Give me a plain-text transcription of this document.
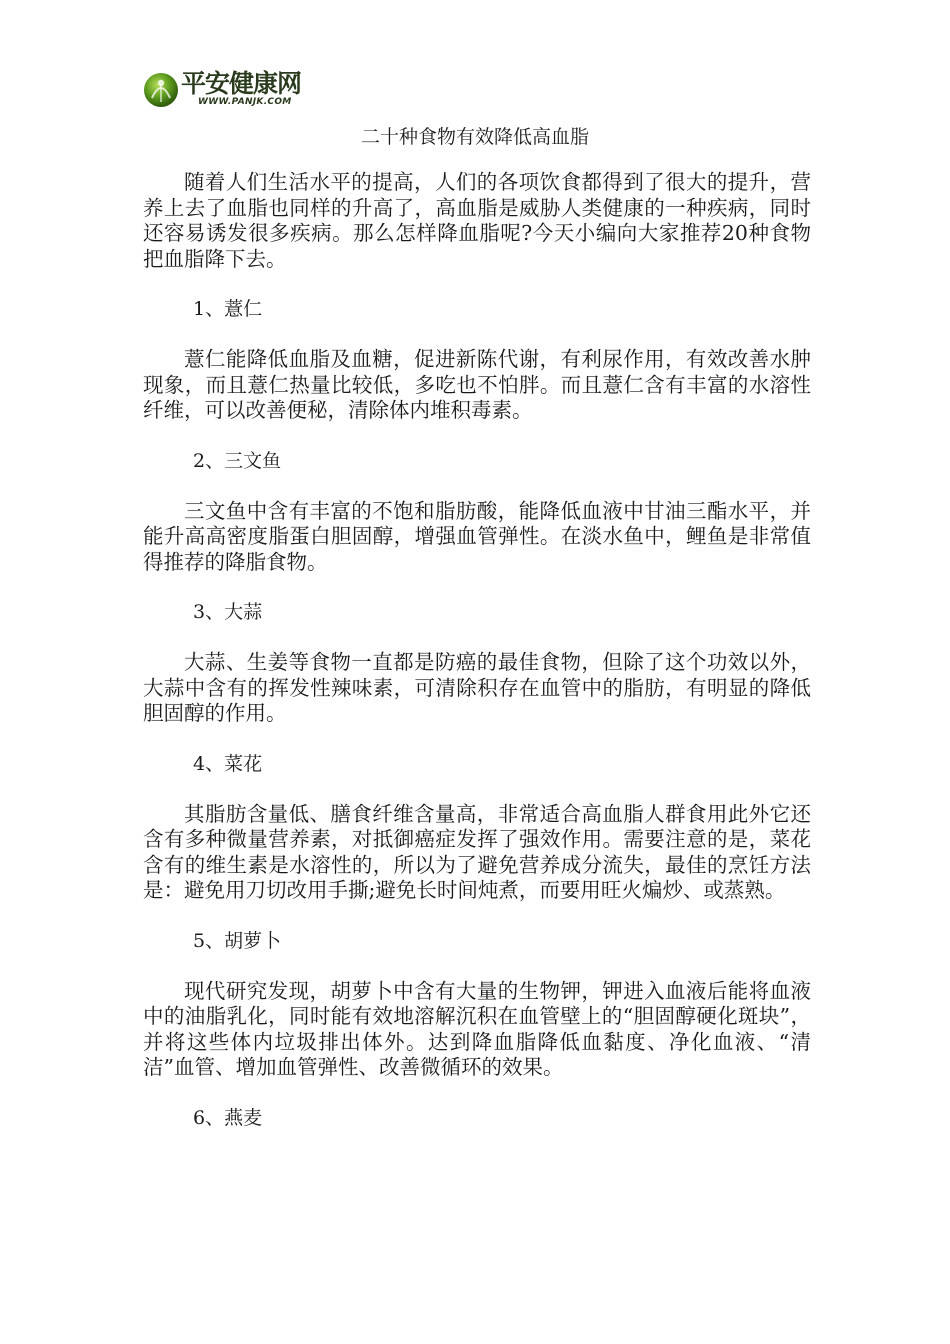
平安健康网
WWW.PANJK.COM
二十种食物有效降低高血脂

随着人们生活水平的提高，人们的各项饮食都得到了很大的提升，营养上去了血脂也同样的升高了，高血脂是威胁人类健康的一种疾病，同时还容易诱发很多疾病。那么怎样降血脂呢?今天小编向大家推荐20种食物把血脂降下去。

1、薏仁

薏仁能降低血脂及血糖，促进新陈代谢，有利尿作用，有效改善水肿现象，而且薏仁热量比较低，多吃也不怕胖。而且薏仁含有丰富的水溶性纤维，可以改善便秘，清除体内堆积毒素。

2、三文鱼

三文鱼中含有丰富的不饱和脂肪酸，能降低血液中甘油三酯水平，并能升高高密度脂蛋白胆固醇，增强血管弹性。在淡水鱼中，鲤鱼是非常值得推荐的降脂食物。

3、大蒜

大蒜、生姜等食物一直都是防癌的最佳食物，但除了这个功效以外，大蒜中含有的挥发性辣味素，可清除积存在血管中的脂肪，有明显的降低胆固醇的作用。

4、菜花

其脂肪含量低、膳食纤维含量高，非常适合高血脂人群食用此外它还含有多种微量营养素，对抵御癌症发挥了强效作用。需要注意的是，菜花含有的维生素是水溶性的，所以为了避免营养成分流失，最佳的烹饪方法是：避免用刀切改用手撕;避免长时间炖煮，而要用旺火煸炒、或蒸熟。

5、胡萝卜

现代研究发现，胡萝卜中含有大量的生物钾，钾进入血液后能将血液中的油脂乳化，同时能有效地溶解沉积在血管壁上的“胆固醇硬化斑块”，并将这些体内垃圾排出体外。达到降血脂降低血黏度、净化血液、“清洁”血管、增加血管弹性、改善微循环的效果。

6、燕麦
